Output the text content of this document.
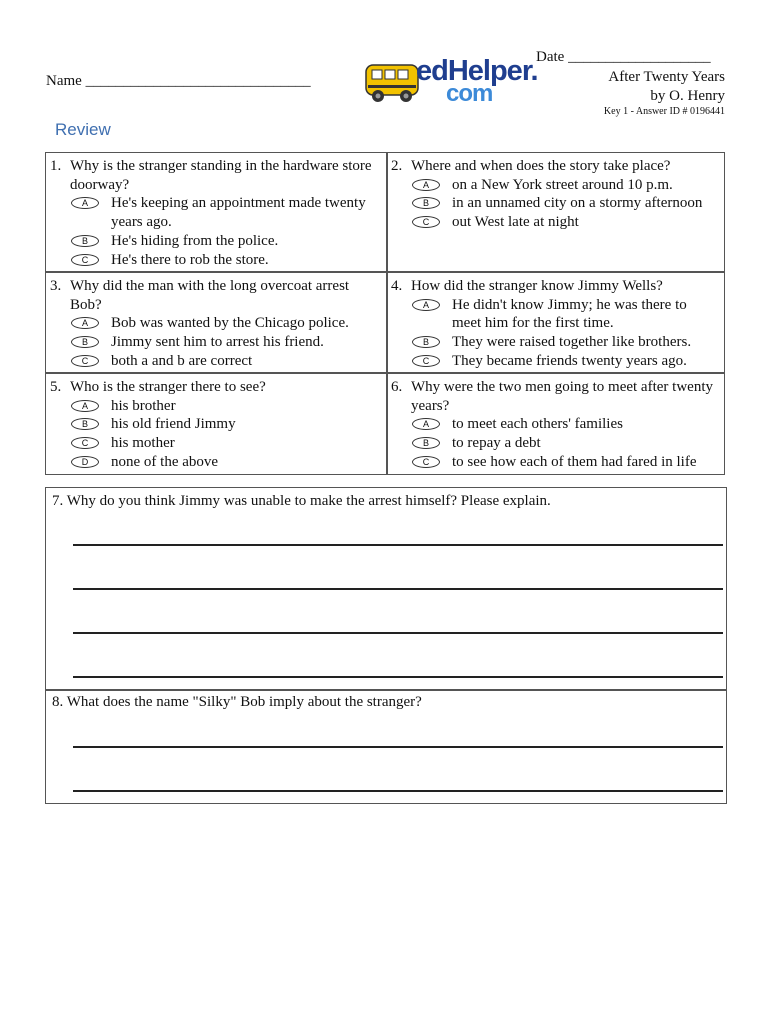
Name ______________________________	edHelper.
com
Date ___________________
After Twenty Years
by O. Henry
Key 1 - Answer ID # 0196441
Review
1. Why is the stranger standing in the hardware store doorway?
A	He's keeping an appointment made twenty years ago.
B	He's hiding from the police.
C	He's there to rob the store.
2. Where and when does the story take place?
A	on a New York street around 10 p.m.
B	in an unnamed city on a stormy afternoon
C	out West late at night
3. Why did the man with the long overcoat arrest Bob?
A	Bob was wanted by the Chicago police.
B	Jimmy sent him to arrest his friend.
C	both a and b are correct
4. How did the stranger know Jimmy Wells?
A	He didn't know Jimmy; he was there to meet him for the first time.
B	They were raised together like brothers.
C	They became friends twenty years ago.
5. Who is the stranger there to see?
A	his brother
B	his old friend Jimmy
C	his mother
D	none of the above
6. Why were the two men going to meet after twenty years?
A	to meet each others' families
B	to repay a debt
C	to see how each of them had fared in life
7. Why do you think Jimmy was unable to make the arrest himself? Please explain.
8. What does the name "Silky" Bob imply about the stranger?
